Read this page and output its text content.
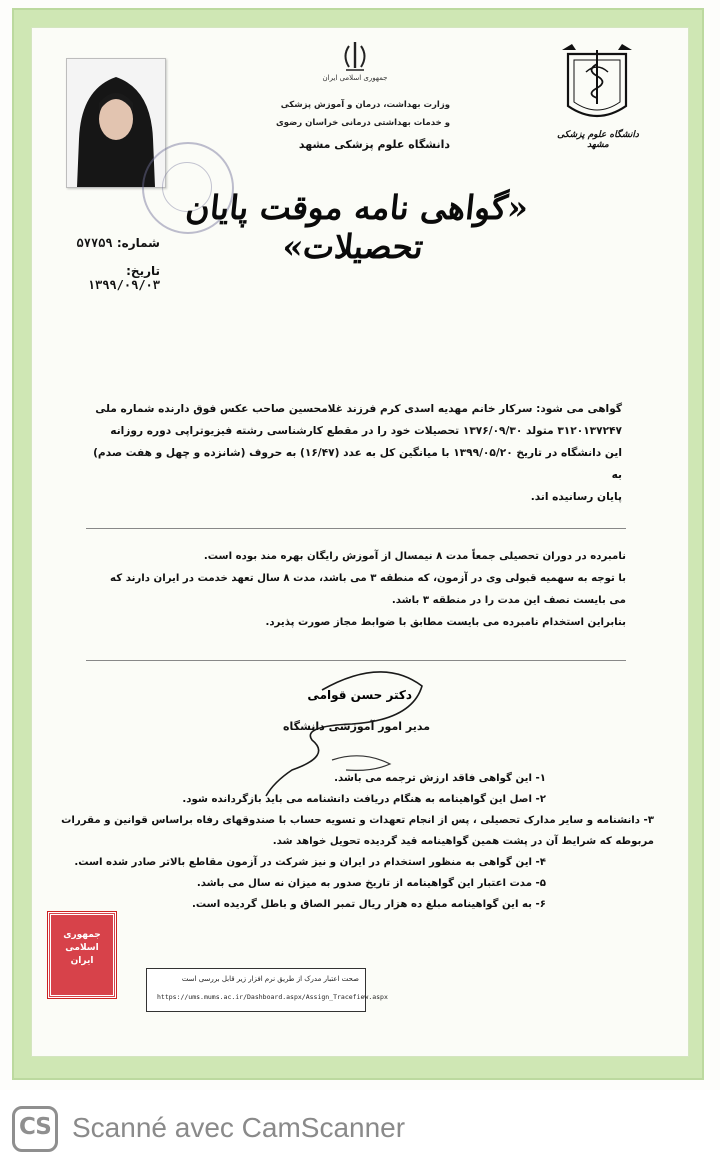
جمهوری اسلامی ایران
وزارت بهداشت، درمان و آموزش پزشکی
و خدمات بهداشتی درمانی خراسان رضوی
دانشگاه علوم پزشکی مشهد
دانشگاه علوم پزشکی مشهد
«گواهی نامه موقت پایان تحصیلات»
شماره: ۵۷۷۵۹
تاریخ: ۱۳۹۹/۰۹/۰۳
گواهی می شود: سرکار خانم مهدیه اسدی کرم فرزند غلامحسین صاحب عکس فوق دارنده شماره ملی
۳۱۲۰۱۳۷۲۴۷ متولد ۱۳۷۶/۰۹/۳۰ تحصیلات خود را در مقطع کارشناسی رشته فیزیوتراپی دوره روزانه
این دانشگاه در تاریخ ۱۳۹۹/۰۵/۲۰ با میانگین کل به عدد (۱۶/۴۷) به حروف (شانزده و چهل و هفت صدم) به
پایان رسانیده اند.
نامبرده در دوران تحصیلی جمعاً مدت ۸ نیمسال از آموزش رایگان بهره مند بوده است.
با توجه به سهمیه قبولی وی در آزمون، که منطقه ۳ می باشد، مدت ۸ سال تعهد خدمت در ایران دارند که
می بایست نصف این مدت را در منطقه ۳ باشد.
بنابراین استخدام نامبرده می بایست مطابق با ضوابط مجاز صورت پذیرد.
دکتر حسن قوامی
مدیر امور آموزشی دانشگاه
۱- این گواهی فاقد ارزش ترجمه می باشد.
۲- اصل این گواهینامه به هنگام دریافت دانشنامه می باید بازگردانده شود.
۳- دانشنامه و سایر مدارک تحصیلی ، پس از انجام تعهدات و تسویه حساب با صندوقهای رفاه براساس قوانین و مقررات
مربوطه که شرایط آن در پشت همین گواهینامه قید گردیده تحویل خواهد شد.
۴- این گواهی به منظور استخدام در ایران و نیز شرکت در آزمون مقاطع بالاتر صادر شده است.
۵- مدت اعتبار این گواهینامه از تاریخ صدور به میزان نه سال می باشد.
۶- به این گواهینامه مبلغ ده هزار ریال تمبر الصاق و باطل گردیده است.
جمهوری اسلامی ایران
صحت اعتبار مدرک از طریق نرم افزار زیر قابل بررسی است
https://ums.mums.ac.ir/Dashboard.aspx/Assign_Tracefiew.aspx
CS Scanné avec CamScanner
